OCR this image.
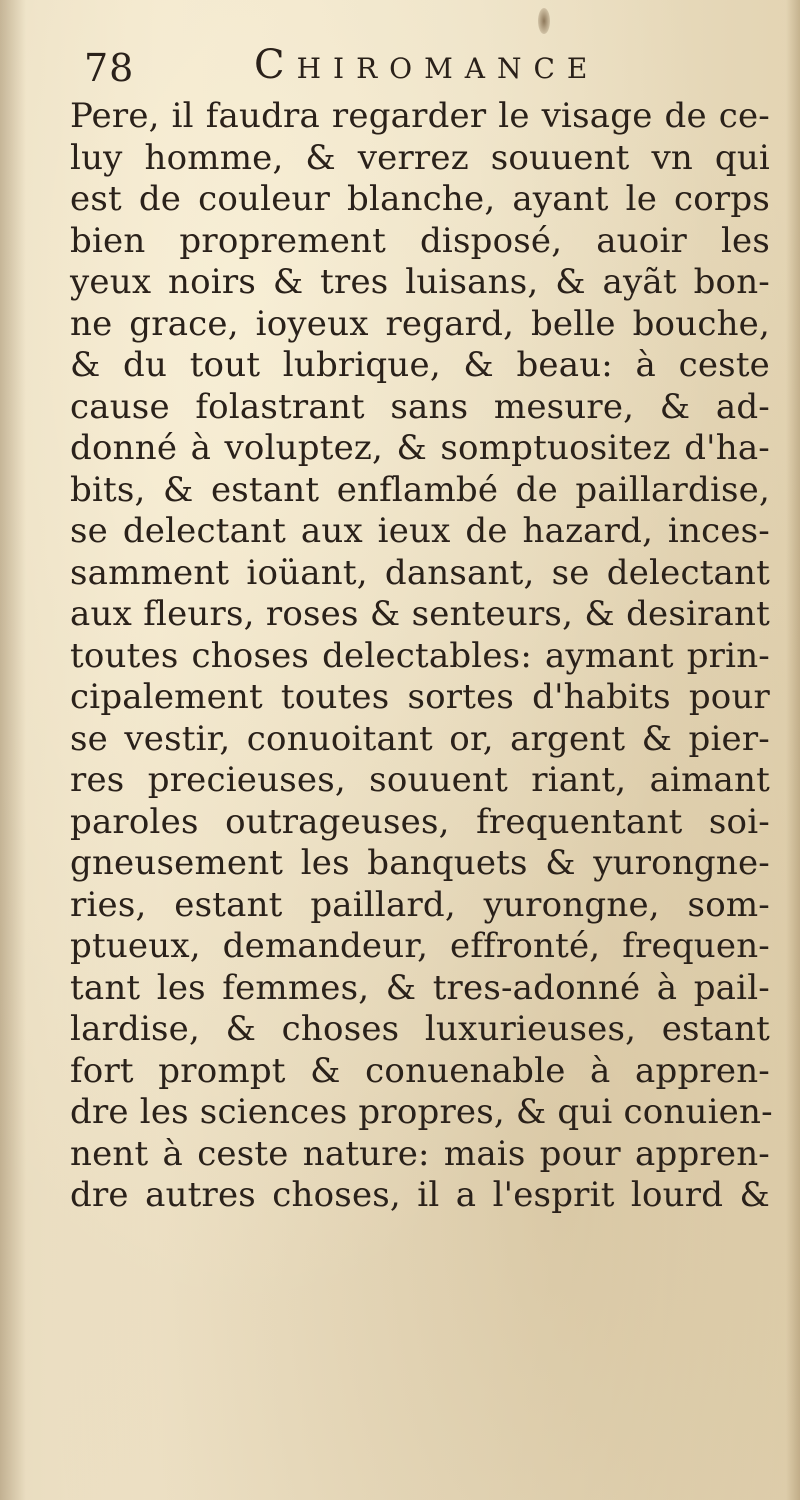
78	Chiromance
Pere, il faudra regarder le visage de ce-
luy homme, & verrez souuent vn qui
est de couleur blanche, ayant le corps
bien proprement disposé, auoir les
yeux noirs & tres luisans, & ayãt bon-
ne grace, ioyeux regard, belle bouche,
& du tout lubrique, & beau: à ceste
cause folastrant sans mesure, & ad-
donné à voluptez, & somptuositez d'ha-
bits, & estant enflambé de paillardise,
se delectant aux ieux de hazard, inces-
samment ioüant, dansant, se delectant
aux fleurs, roses & senteurs, & desirant
toutes choses delectables: aymant prin-
cipalement toutes sortes d'habits pour
se vestir, conuoitant or, argent & pier-
res precieuses, souuent riant, aimant
paroles outrageuses, frequentant soi-
gneusement les banquets & yurongne-
ries, estant paillard, yurongne, som-
ptueux, demandeur, effronté, frequen-
tant les femmes, & tres-adonné à pail-
lardise, & choses luxurieuses, estant
fort prompt & conuenable à appren-
dre les sciences propres, & qui conuien-
nent à ceste nature: mais pour appren-
dre autres choses, il a l'esprit lourd &
